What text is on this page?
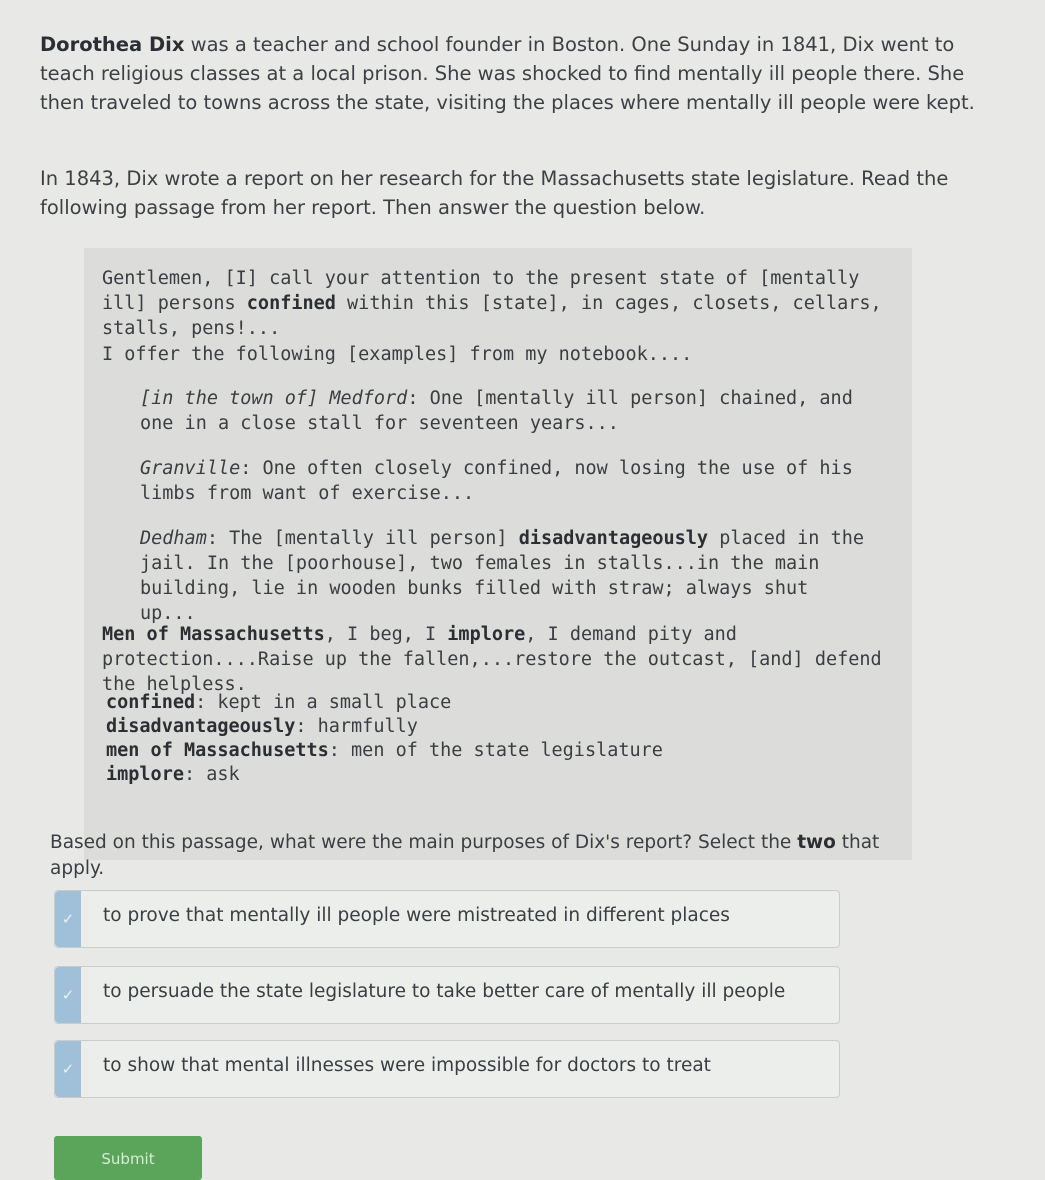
Dorothea Dix was a teacher and school founder in Boston. One Sunday in 1841, Dix went to teach religious classes at a local prison. She was shocked to find mentally ill people there. She then traveled to towns across the state, visiting the places where mentally ill people were kept.

In 1843, Dix wrote a report on her research for the Massachusetts state legislature. Read the following passage from her report. Then answer the question below.

Gentlemen, [I] call your attention to the present state of [mentally ill] persons confined within this [state], in cages, closets, cellars, stalls, pens!...

I offer the following [examples] from my notebook....

[in the town of] Medford: One [mentally ill person] chained, and one in a close stall for seventeen years...

Granville: One often closely confined, now losing the use of his limbs from want of exercise...

Dedham: The [mentally ill person] disadvantageously placed in the jail. In the [poorhouse], two females in stalls...in the main building, lie in wooden bunks filled with straw; always shut up...

Men of Massachusetts, I beg, I implore, I demand pity and protection....Raise up the fallen,...restore the outcast, [and] defend the helpless.

confined: kept in a small place
disadvantageously: harmfully
men of Massachusetts: men of the state legislature
implore: ask

Based on this passage, what were the main purposes of Dix's report? Select the two that apply.

✓	to prove that mentally ill people were mistreated in different places
✓	to persuade the state legislature to take better care of mentally ill people
✓	to show that mental illnesses were impossible for doctors to treat
Submit
